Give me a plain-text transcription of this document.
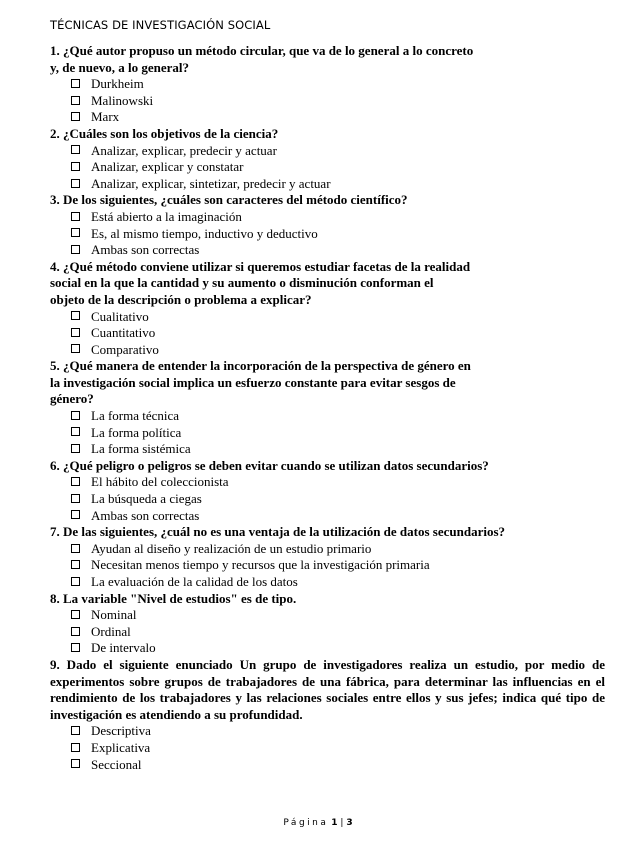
TÉCNICAS DE INVESTIGACIÓN SOCIAL
1. ¿Qué autor propuso un método circular, que va de lo general a lo concreto
y, de nuevo, a lo general?
Durkheim
Malinowski
Marx
2. ¿Cuáles son los objetivos de la ciencia?
Analizar, explicar, predecir y actuar
Analizar, explicar y constatar
Analizar, explicar, sintetizar, predecir y actuar
3. De los siguientes, ¿cuáles son caracteres del método científico?
Está abierto a la imaginación
Es, al mismo tiempo, inductivo y deductivo
Ambas son correctas
4. ¿Qué método conviene utilizar si queremos estudiar facetas de la realidad
social en la que la cantidad y su aumento o disminución conforman el
objeto de la descripción o problema a explicar?
Cualitativo
Cuantitativo
Comparativo
5. ¿Qué manera de entender la incorporación de la perspectiva de género en
la investigación social implica un esfuerzo constante para evitar sesgos de
género?
La forma técnica
La forma política
La forma sistémica
6. ¿Qué peligro o peligros se deben evitar cuando se utilizan datos secundarios?
El hábito del coleccionista
La búsqueda a ciegas
Ambas son correctas
7. De las siguientes, ¿cuál no es una ventaja de la utilización de datos secundarios?
Ayudan al diseño y realización de un estudio primario
Necesitan menos tiempo y recursos que la investigación primaria
La evaluación de la calidad de los datos
8. La variable "Nivel de estudios" es de tipo.
Nominal
Ordinal
De intervalo
9. Dado el siguiente enunciado Un grupo de investigadores realiza un estudio, por medio de experimentos sobre grupos de trabajadores de una fábrica, para determinar las influencias en el rendimiento de los trabajadores y las relaciones sociales entre ellos y sus jefes; indica qué tipo de investigación es atendiendo a su profundidad.
Descriptiva
Explicativa
Seccional
Página 1 | 3
